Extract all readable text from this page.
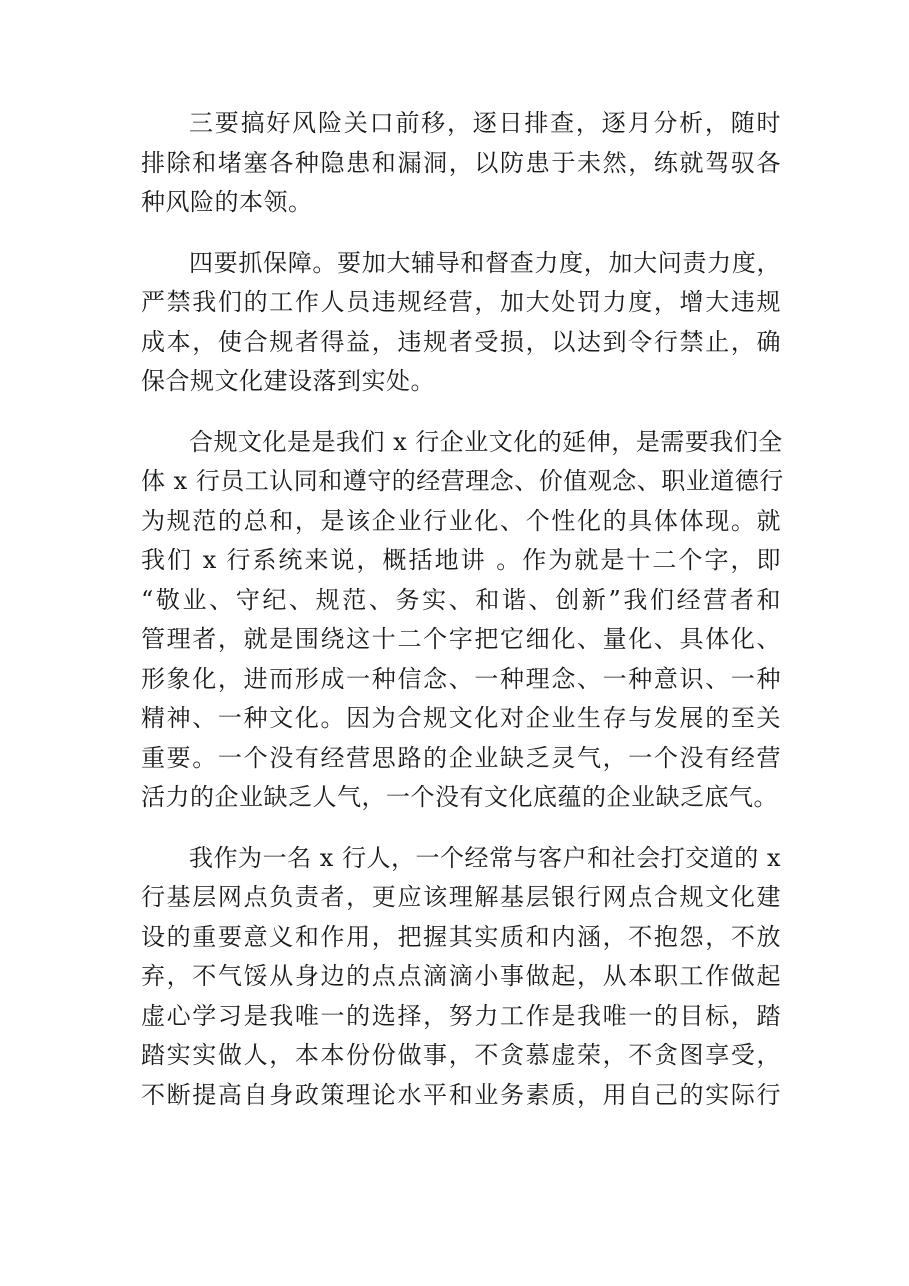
三要搞好风险关口前移，逐日排查，逐月分析，随时
排除和堵塞各种隐患和漏洞，以防患于未然，练就驾驭各
种风险的本领。
四要抓保障。要加大辅导和督查力度，加大问责力度，
严禁我们的工作人员违规经营，加大处罚力度，增大违规
成本，使合规者得益，违规者受损，以达到令行禁止，确
保合规文化建设落到实处。
合规文化是是我们 x 行企业文化的延伸，是需要我们全
体 x 行员工认同和遵守的经营理念、价值观念、职业道德行
为规范的总和，是该企业行业化、个性化的具体体现。就
我们 x 行系统来说，概括地讲 。作为就是十二个字，即
“敬业、守纪、规范、务实、和谐、创新”我们经营者和
管理者，就是围绕这十二个字把它细化、量化、具体化、
形象化，进而形成一种信念、一种理念、一种意识、一种
精神、一种文化。因为合规文化对企业生存与发展的至关
重要。一个没有经营思路的企业缺乏灵气，一个没有经营
活力的企业缺乏人气，一个没有文化底蕴的企业缺乏底气。
我作为一名 x 行人，一个经常与客户和社会打交道的 x
行基层网点负责者，更应该理解基层银行网点合规文化建
设的重要意义和作用，把握其实质和内涵，不抱怨，不放
弃，不气馁从身边的点点滴滴小事做起，从本职工作做起
虚心学习是我唯一的选择，努力工作是我唯一的目标，踏
踏实实做人，本本份份做事，不贪慕虚荣，不贪图享受，
不断提高自身政策理论水平和业务素质，用自己的实际行
